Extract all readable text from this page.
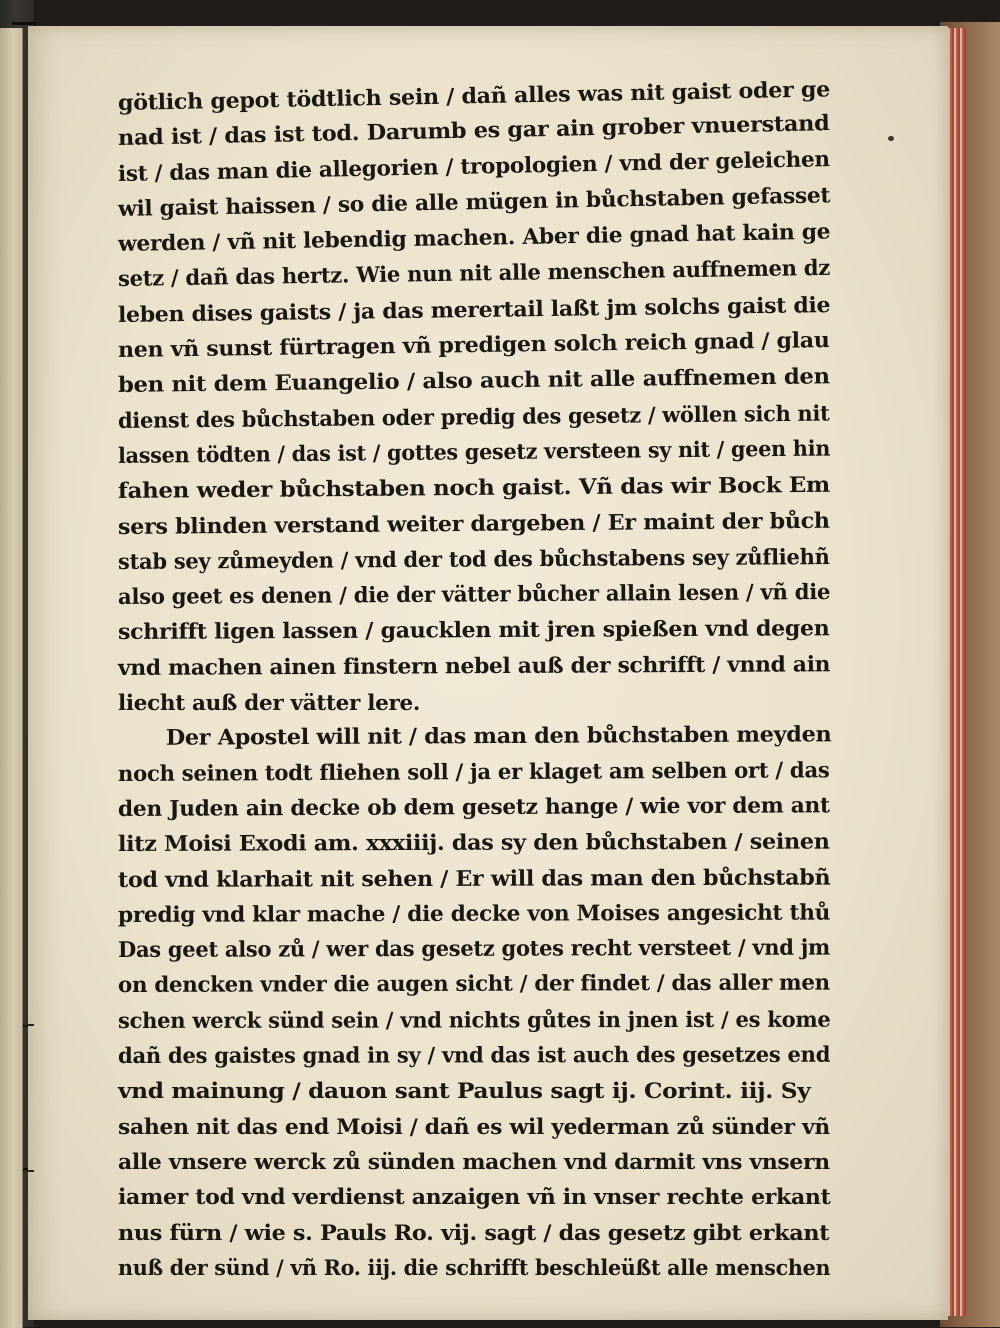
götlich gepot tödtlich sein / dañ alles was nit gaist oder ge
nad ist / das ist tod. Darumb es gar ain grober vnuerstand
ist / das man die allegorien / tropologien / vnd der geleichen
wil gaist haissen / so die alle mügen in bůchstaben gefasset
werden / vñ nit lebendig machen. Aber die gnad hat kain ge
setz / dañ das hertz. Wie nun nit alle menschen auffnemen dz
leben dises gaists / ja das merertail laßt jm solchs gaist die
nen vñ sunst fürtragen vñ predigen solch reich gnad / glau
ben nit dem Euangelio / also auch nit alle auffnemen den
dienst des bůchstaben oder predig des gesetz / wöllen sich nit
lassen tödten / das ist / gottes gesetz versteen sy nit / geen hin
fahen weder bůchstaben noch gaist. Vñ das wir Bock Em
sers blinden verstand weiter dargeben / Er maint der bůch
stab sey zůmeyden / vnd der tod des bůchstabens sey zůfliehñ
also geet es denen / die der vätter bůcher allain lesen / vñ die
schrifft ligen lassen / gaucklen mit jren spießen vnd degen
vnd machen ainen finstern nebel auß der schrifft / vnnd ain
liecht auß der vätter lere.
Der Apostel will nit / das man den bůchstaben meyden
noch seinen todt fliehen soll / ja er klaget am selben ort / das
den Juden ain decke ob dem gesetz hange / wie vor dem ant
litz Moisi Exodi am. xxxiiij. das sy den bůchstaben / seinen
tod vnd klarhait nit sehen / Er will das man den bůchstabñ
predig vnd klar mache / die decke von Moises angesicht thů
Das geet also zů / wer das gesetz gotes recht versteet / vnd jm
on dencken vnder die augen sicht / der findet / das aller men
schen werck sünd sein / vnd nichts gůtes in jnen ist / es kome
dañ des gaistes gnad in sy / vnd das ist auch des gesetzes end
vnd mainung / dauon sant Paulus sagt ij. Corint. iij. Sy
sahen nit das end Moisi / dañ es wil yederman zů sünder vñ
alle vnsere werck zů sünden machen vnd darmit vns vnsern
iamer tod vnd verdienst anzaigen vñ in vnser rechte erkant
nus fürn / wie s. Pauls Ro. vij. sagt / das gesetz gibt erkant
nuß der sünd / vñ Ro. iij. die schrifft beschleüßt alle menschen
